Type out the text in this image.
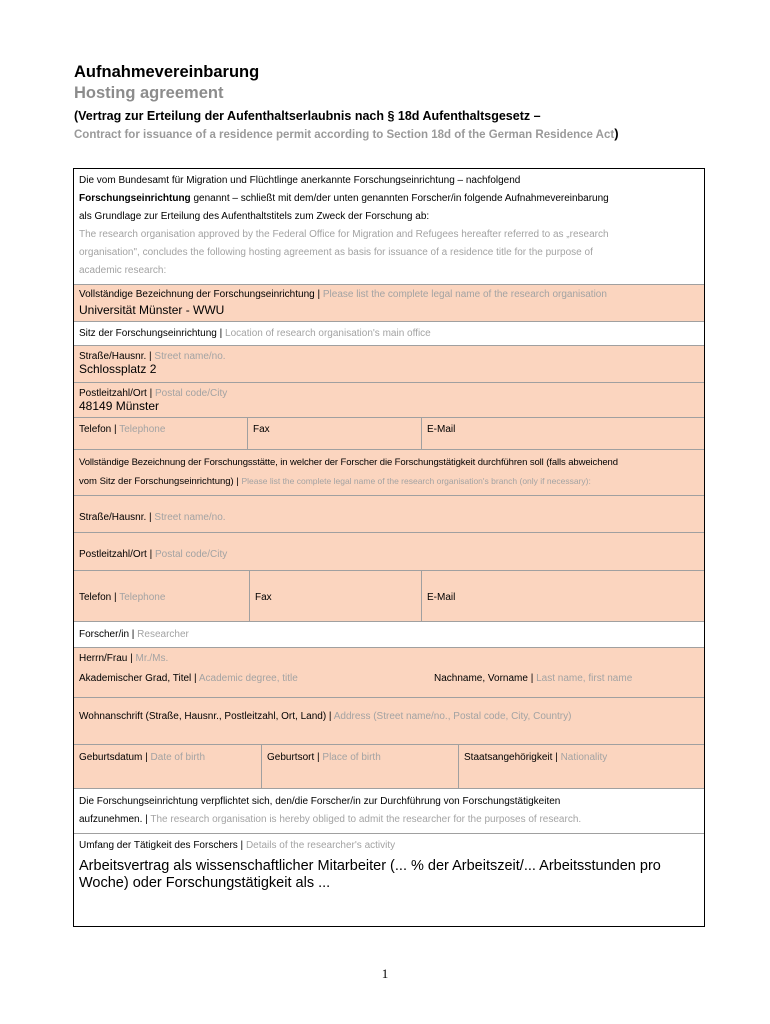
Aufnahmevereinbarung

Hosting agreement

(Vertrag zur Erteilung der Aufenthaltserlaubnis nach § 18d Aufenthaltsgesetz –

Contract for issuance of a residence permit according to Section 18d of the German Residence Act)

Die vom Bundesamt für Migration und Flüchtlinge anerkannte Forschungseinrichtung – nachfolgend
Forschungseinrichtung genannt – schließt mit dem/der unten genannten Forscher/in folgende Aufnahmevereinbarung
als Grundlage zur Erteilung des Aufenthaltstitels zum Zweck der Forschung ab:
The research organisation approved by the Federal Office for Migration and Refugees hereafter referred to as „research
organisation", concludes the following hosting agreement as basis for issuance of a residence title for the purpose of
academic research:
Vollständige Bezeichnung der Forschungseinrichtung | Please list the complete legal name of the research organisation
Universität Münster - WWU
Sitz der Forschungseinrichtung | Location of research organisation's main office
Straße/Hausnr. | Street name/no.
Schlossplatz 2
Postleitzahl/Ort | Postal code/City
48149 Münster
Telefon | Telephone	Fax	E-Mail
Vollständige Bezeichnung der Forschungsstätte, in welcher der Forscher die Forschungstätigkeit durchführen soll (falls abweichend
vom Sitz der Forschungseinrichtung) | Please list the complete legal name of the research organisation's branch (only if necessary):
Straße/Hausnr. | Street name/no.
Postleitzahl/Ort | Postal code/City
Telefon | Telephone	Fax	E-Mail
Forscher/in | Researcher
Herrn/Frau | Mr./Ms.
Akademischer Grad, Titel | Academic degree, title	Nachname, Vorname | Last name, first name
Wohnanschrift (Straße, Hausnr., Postleitzahl, Ort, Land) | Address (Street name/no., Postal code, City, Country)
Geburtsdatum | Date of birth	Geburtsort | Place of birth	Staatsangehörigkeit | Nationality
Die Forschungseinrichtung verpflichtet sich, den/die Forscher/in zur Durchführung von Forschungstätigkeiten
aufzunehmen. | The research organisation is hereby obliged to admit the researcher for the purposes of research.
Umfang der Tätigkeit des Forschers | Details of the researcher's activity
Arbeitsvertrag als wissenschaftlicher Mitarbeiter (... % der Arbeitszeit/... Arbeitsstunden pro Woche) oder Forschungstätigkeit als ...
1
